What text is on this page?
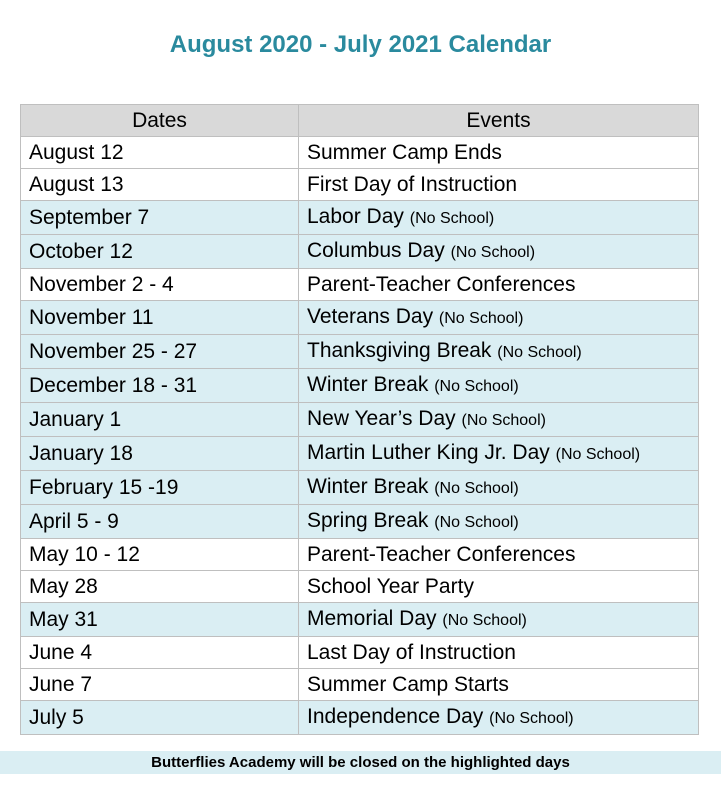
August 2020 - July 2021 Calendar
Dates	Events
August 12	Summer Camp Ends
August 13	First Day of Instruction
September 7	Labor Day (No School)
October 12	Columbus Day (No School)
November 2 - 4	Parent-Teacher Conferences
November 11	Veterans Day (No School)
November 25 - 27	Thanksgiving Break (No School)
December 18 - 31	Winter Break (No School)
January 1	New Year’s Day (No School)
January 18	Martin Luther King Jr. Day (No School)
February 15 -19	Winter Break (No School)
April 5 - 9	Spring Break (No School)
May 10 - 12	Parent-Teacher Conferences
May 28	School Year Party
May 31	Memorial Day (No School)
June 4	Last Day of Instruction
June 7	Summer Camp Starts
July 5	Independence Day (No School)
Butterflies Academy will be closed on the highlighted days
